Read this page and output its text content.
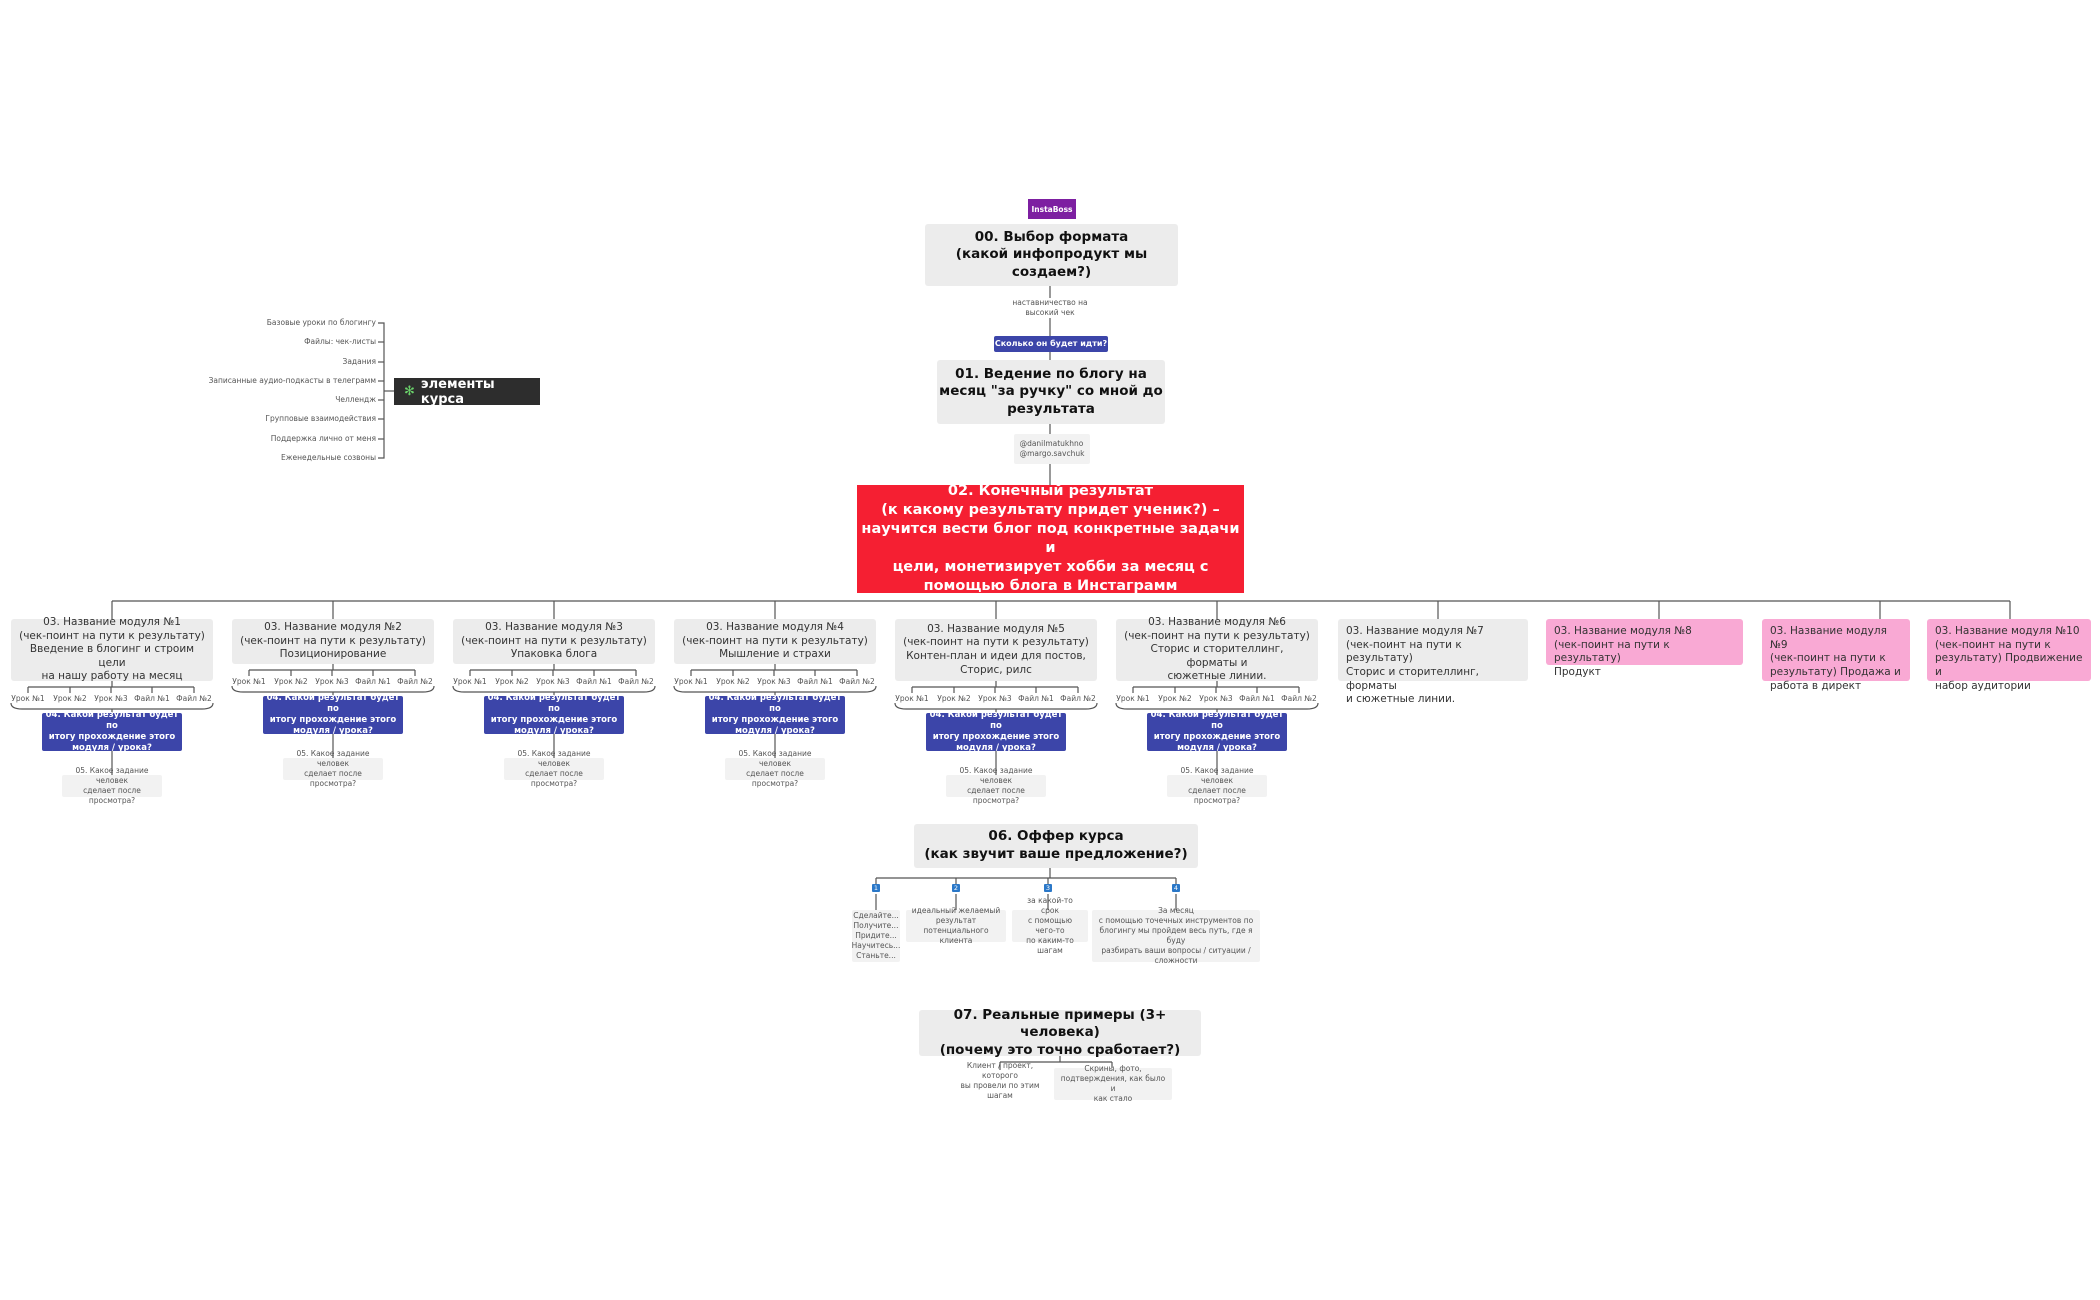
InstaBoss
00. Выбор формата
(какой инфопродукт мы
создаем?)
наставничество на высокий чек
Сколько он будет идти?
01. Ведение по блогу на
месяц "за ручку" со мной до
результата
@danilmatukhno
@margo.savchuk
02. Конечный результат
(к какому результату придет ученик?) –
научится вести блог под конкретные задачи и
цели, монетизирует хобби за месяц с
помощью блога в Инстаграмм
✻ элементы курса
Базовые уроки по блогингу
Файлы: чек-листы
Задания
Записанные аудио-подкасты в телеграмм
Челлендж
Групповые взаимодействия
Поддержка лично от меня
Еженедельные созвоны
03. Название модуля №1
(чек-поинт на пути к результату)
Введение в блогинг и строим цели
на нашу работу на месяц
Урок №1	Урок №2	Урок №3 Файл №1 Файл №2
04. Какой результат будет по
итогу прохождение этого
модуля / урока?
05. Какое задание человек
сделает после просмотра?
03. Название модуля №2
(чек-поинт на пути к результату)
Позиционирование
Урок №1	Урок №2	Урок №3 Файл №1 Файл №2
04. Какой результат будет по
итогу прохождение этого
модуля / урока?
05. Какое задание человек
сделает после просмотра?
03. Название модуля №3
(чек-поинт на пути к результату)
Упаковка блога
Урок №1	Урок №2	Урок №3 Файл №1 Файл №2
04. Какой результат будет по
итогу прохождение этого
модуля / урока?
05. Какое задание человек
сделает после просмотра?
03. Название модуля №4
(чек-поинт на пути к результату)
Мышление и страхи
Урок №1	Урок №2	Урок №3 Файл №1 Файл №2
04. Какой результат будет по
итогу прохождение этого
модуля / урока?
05. Какое задание человек
сделает после просмотра?
03. Название модуля №5
(чек-поинт на пути к результату)
Контен-план и идеи для постов,
Сторис, рилс
Урок №1	Урок №2	Урок №3 Файл №1 Файл №2
04. Какой результат будет по
итогу прохождение этого
модуля / урока?
05. Какое задание человек
сделает после просмотра?
03. Название модуля №6
(чек-поинт на пути к результату)
Сторис и сторителлинг, форматы и
сюжетные линии.
Урок №1	Урок №2	Урок №3 Файл №1 Файл №2
04. Какой результат будет по
итогу прохождение этого
модуля / урока?
05. Какое задание человек
сделает после просмотра?
03. Название модуля №7
(чек-поинт на пути к результату)
Сторис и сторителлинг, форматы
и сюжетные линии.
03. Название модуля №8
(чек-поинт на пути к результату)
Продукт
03. Название модуля №9
(чек-поинт на пути к
результату) Продажа и
работа в директ
03. Название модуля №10
(чек-поинт на пути к
результату) Продвижение и
набор аудитории
06. Оффер курса
(как звучит ваше предложение?)
1
Сделайте...
Получите...
Придите...
Научитесь...
Станьте...
2
идеальный желаемый
результат потенциального
клиента
3
за какой-то срок
с помощью чего-то
по каким-то шагам
4
За месяц
с помощью точечных инструментов по
блогингу мы пройдем весь путь, где я буду
разбирать ваши вопросы / ситуации /
сложности
07. Реальные примеры (3+ человека)
(почему это точно сработает?)
Клиент / проект, которого
вы провели по этим шагам
Скрины, фото,
подтверждения, как было и
как стало
